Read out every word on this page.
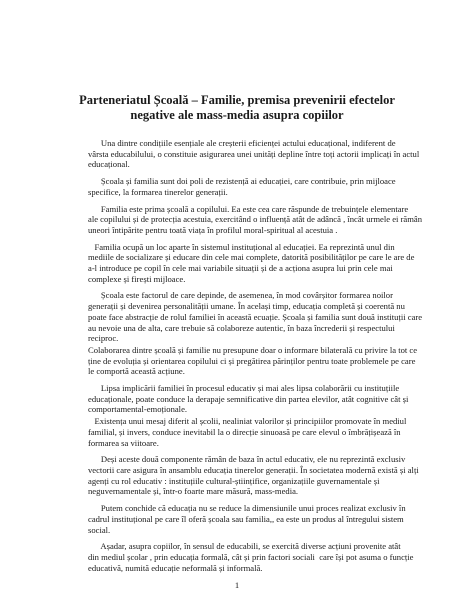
Parteneriatul Școală – Familie, premisa prevenirii efectelor
negative ale mass-media asupra copiilor
Una dintre condițiile esențiale ale creșterii eficienței actului educațional, indiferent de
vârsta educabilului, o constituie asigurarea unei unități depline între toți actorii implicați în actul
educațional.
Școala și familia sunt doi poli de rezistență ai educației, care contribuie, prin mijloace
specifice, la formarea tinerelor generații.
Familia este prima școală a copilului. Ea este cea care răspunde de trebuințele elementare
ale copilului și de protecția acestuia, exercitând o influență atât de adâncă , încât urmele ei rămân
uneori întipărite pentru toată viața în profilul moral-spiritual al acestuia .
Familia ocupă un loc aparte în sistemul instituțional al educației. Ea reprezintă unul din
mediile de socializare și educare din cele mai complete, datorită posibilităților pe care le are de
a-l introduce pe copil în cele mai variabile situații și de a acționa asupra lui prin cele mai
complexe și firești mijloace.
Școala este factorul de care depinde, de asemenea, în mod covârșitor formarea noilor
generații și devenirea personalității umane. În același timp, educația completă și coerentă nu
poate face abstracție de rolul familiei în această ecuație. Școala și familia sunt două instituții care
au nevoie una de alta, care trebuie să colaboreze autentic, în baza încrederii și respectului
reciproc.
Colaborarea dintre școală și familie nu presupune doar o informare bilaterală cu privire la tot ce
ține de evoluția și orientarea copilului ci și pregătirea părinților pentru toate problemele pe care
le comportă această acțiune.
Lipsa implicării familiei în procesul educativ și mai ales lipsa colaborării cu instituțiile
educaționale, poate conduce la derapaje semnificative din partea elevilor, atât cognitive cât și
comportamental-emoționale.
Existența unui mesaj diferit al școlii, nealiniat valorilor și principiilor promovate în mediul
familial, și invers, conduce inevitabil la o direcție sinuoasă pe care elevul o îmbrățișează în
formarea sa viitoare.
Deși aceste două componente rămân de baza în actul educativ, ele nu reprezintă exclusiv
vectorii care asigura în ansamblu educația tinerelor generații. În societatea modernă există și alți
agenți cu rol educativ : instituțiile cultural-științifice, organizațiile guvernamentale și
neguvernamentale și, într-o foarte mare măsură, mass-media.
Putem conchide că educația nu se reduce la dimensiunile unui proces realizat exclusiv în
cadrul instituțional pe care îl oferă școala sau familia,, ea este un produs al întregului sistem
social.
Așadar, asupra copiilor, în sensul de educabili, se exercită diverse acțiuni provenite atât
din mediul școlar , prin educația formală, cât și prin factori sociali  care își pot asuma o funcție
educativă, numită educație neformală și informală.
1
